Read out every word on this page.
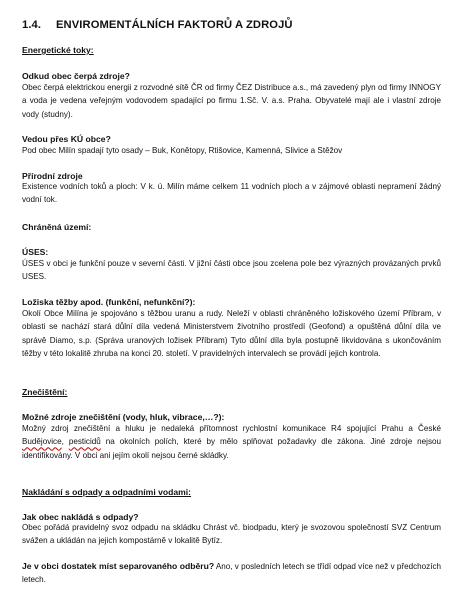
1.4. ENVIROMENTÁLNÍCH FAKTORŮ A ZDROJŮ
Energetické toky:
Odkud obec čerpá zdroje?
Obec čerpá elektrickou energii z rozvodné sítě ČR od firmy ČEZ Distribuce a.s., má zavedený plyn od firmy INNOGY a voda je vedena veřejným vodovodem spadající po firmu 1.Sč. V. a.s. Praha. Obyvatelé mají ale i vlastní zdroje vody (studny).
Vedou přes KÚ obce?
Pod obec Milín spadají tyto osady – Buk, Konětopy, Rtišovice, Kamenná, Slivice a Stěžov
Přírodní zdroje
Existence vodních toků a ploch: V k. ú. Milín máme celkem 11 vodních ploch a v zájmové oblasti nepramení žádný vodní tok.
Chráněná území:
ÚSES:
ÚSES v obci je funkční pouze v severní části. V jižní části obce jsou zcelena pole bez výrazných provázaných prvků USES.
Ložiska těžby apod. (funkční, nefunkční?):
Okolí Obce Milína je spojováno s těžbou uranu a rudy. Neleží v oblasti chráněného ložiskového území Příbram, v oblasti se nachází stará důlní díla vedená Ministerstvem životního prostředí (Geofond) a opuštěná důlní díla ve správě Diamo, s.p. (Správa uranových ložisek Příbram) Tyto důlní díla byla postupně likvidována s ukončováním těžby v této lokalitě zhruba na konci 20. století. V pravidelných intervalech se provádí jejich kontrola.
Znečištění:
Možné zdroje znečištění (vody, hluk, vibrace,…?):
Možný zdroj znečištění a hluku je nedaleká přítomnost rychlostní komunikace R4 spojující Prahu a České Budějovice, pesticidů na okolních polích, které by mělo splňovat požadavky dle zákona. Jiné zdroje nejsou identifikovány. V obci ani jejím okolí nejsou černé skládky.
Nakládání s odpady a odpadními vodami:
Jak obec nakládá s odpady?
Obec pořádá pravidelný svoz odpadu na skládku Chrást vč. biodpadu, který je svozovou společností SVZ Centrum svážen a ukládán na jejich kompostárně v lokalitě Bytíz.
Je v obci dostatek míst separovaného odběru? Ano, v posledních letech se třídí odpad více než v předchozích letech.
